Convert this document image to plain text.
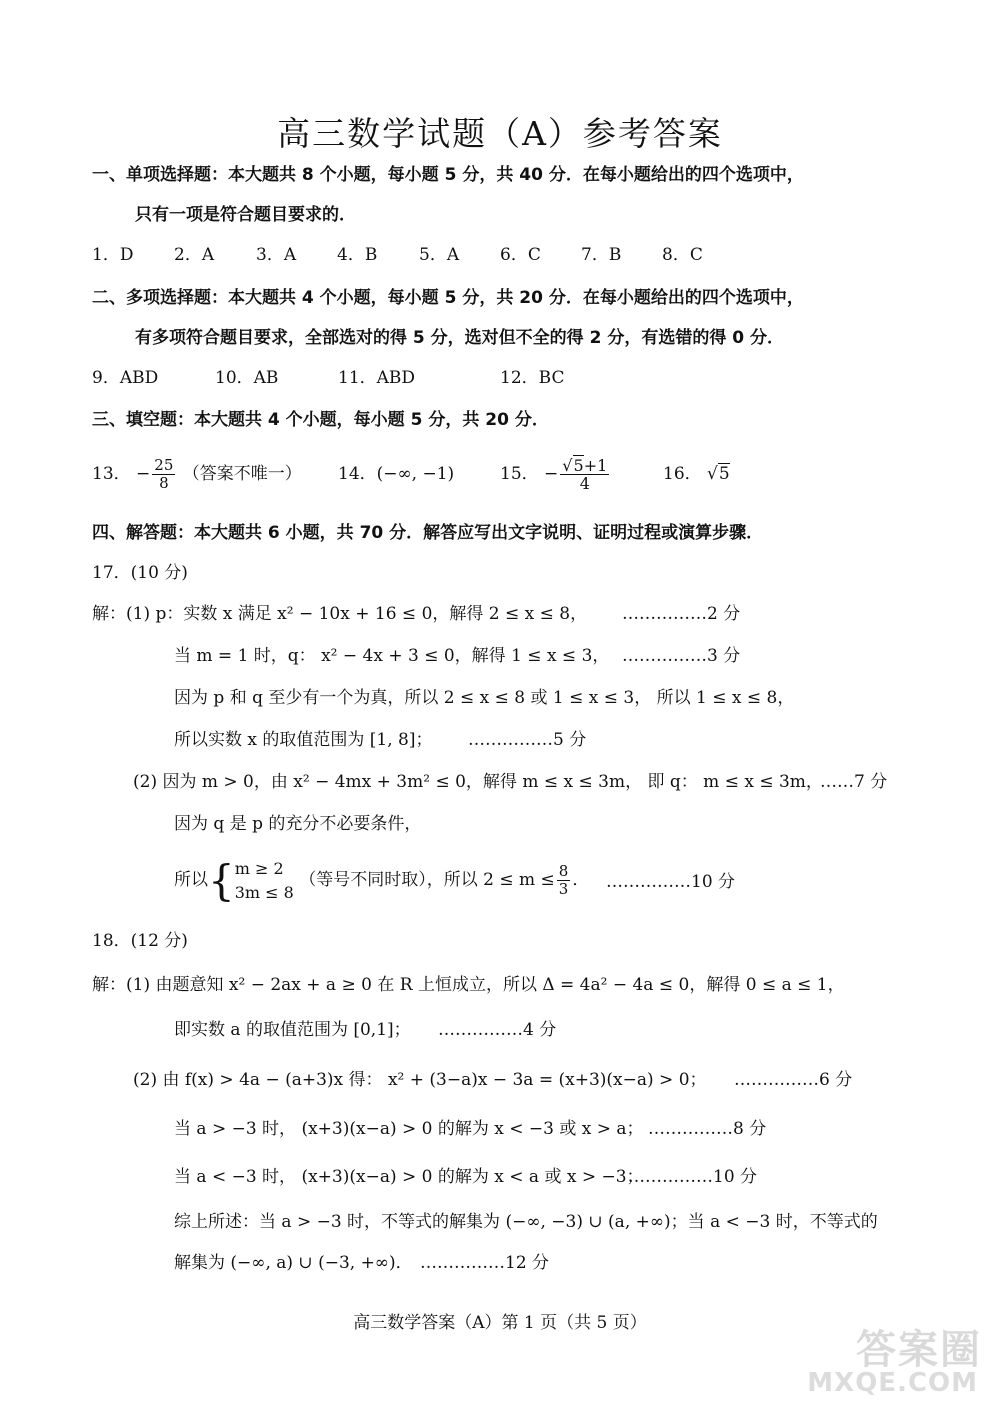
高三数学试题（A）参考答案
一、单项选择题：本大题共 8 个小题，每小题 5 分，共 40 分．在每小题给出的四个选项中，
只有一项是符合题目要求的．
1．D 2．A 3．A 4．B 5．A 6．C 7．B 8．C
二、多项选择题：本大题共 4 个小题，每小题 5 分，共 20 分．在每小题给出的四个选项中，
有多项符合题目要求，全部选对的得 5 分，选对但不全的得 2 分，有选错的得 0 分．
9．ABD	10．AB	11．ABD	12．BC
三、填空题：本大题共 4 个小题，每小题 5 分，共 20 分．
13． − $\frac{25}{8}$ （答案不唯一） 14．(−∞, −1)	15． − $\frac{√5+1}{4}$	16． √5
四、解答题：本大题共 6 小题，共 70 分．解答应写出文字说明、证明过程或演算步骤．
17．(10 分)
解：(1) p：实数 x 满足 x² − 10x + 16 ≤ 0，解得 2 ≤ x ≤ 8， ……………2 分
当 m = 1 时，q： x² − 4x + 3 ≤ 0，解得 1 ≤ x ≤ 3， ……………3 分
因为 p 和 q 至少有一个为真，所以 2 ≤ x ≤ 8 或 1 ≤ x ≤ 3， 所以 1 ≤ x ≤ 8，
所以实数 x 的取值范围为 [1, 8]； ……………5 分
(2) 因为 m > 0，由 x² − 4mx + 3m² ≤ 0，解得 m ≤ x ≤ 3m， 即 q： m ≤ x ≤ 3m，
……7 分
因为 q 是 p 的充分不必要条件，
所以{ m ≥ 2
3m ≤ 8
（等号不同时取），所以 $2 \le m \le \frac{8}{3}$ ． ……………10 分
18．(12 分)
解：(1) 由题意知 x² − 2ax + a ≥ 0 在 R 上恒成立，所以 Δ = 4a² − 4a ≤ 0，解得 0 ≤ a ≤ 1，
即实数 a 的取值范围为 [0,1]； ……………4 分
(2) 由 f(x) > 4a − (a+3)x 得： x² + (3−a)x − 3a = (x+3)(x−a) > 0； ……………6 分
当 a > −3 时， (x+3)(x−a) > 0 的解为 x < −3 或 x > a； ……………8 分
当 a < −3 时， (x+3)(x−a) > 0 的解为 x < a 或 x > −3；
……………10 分
综上所述：当 a > −3 时，不等式的解集为 (−∞, −3) ∪ (a, +∞)；当 a < −3 时，不等式的
解集为 (−∞, a) ∪ (−3, +∞)． ……………12 分
高三数学答案（A）第 1 页（共 5 页）
答案圈
MXQE.COM
